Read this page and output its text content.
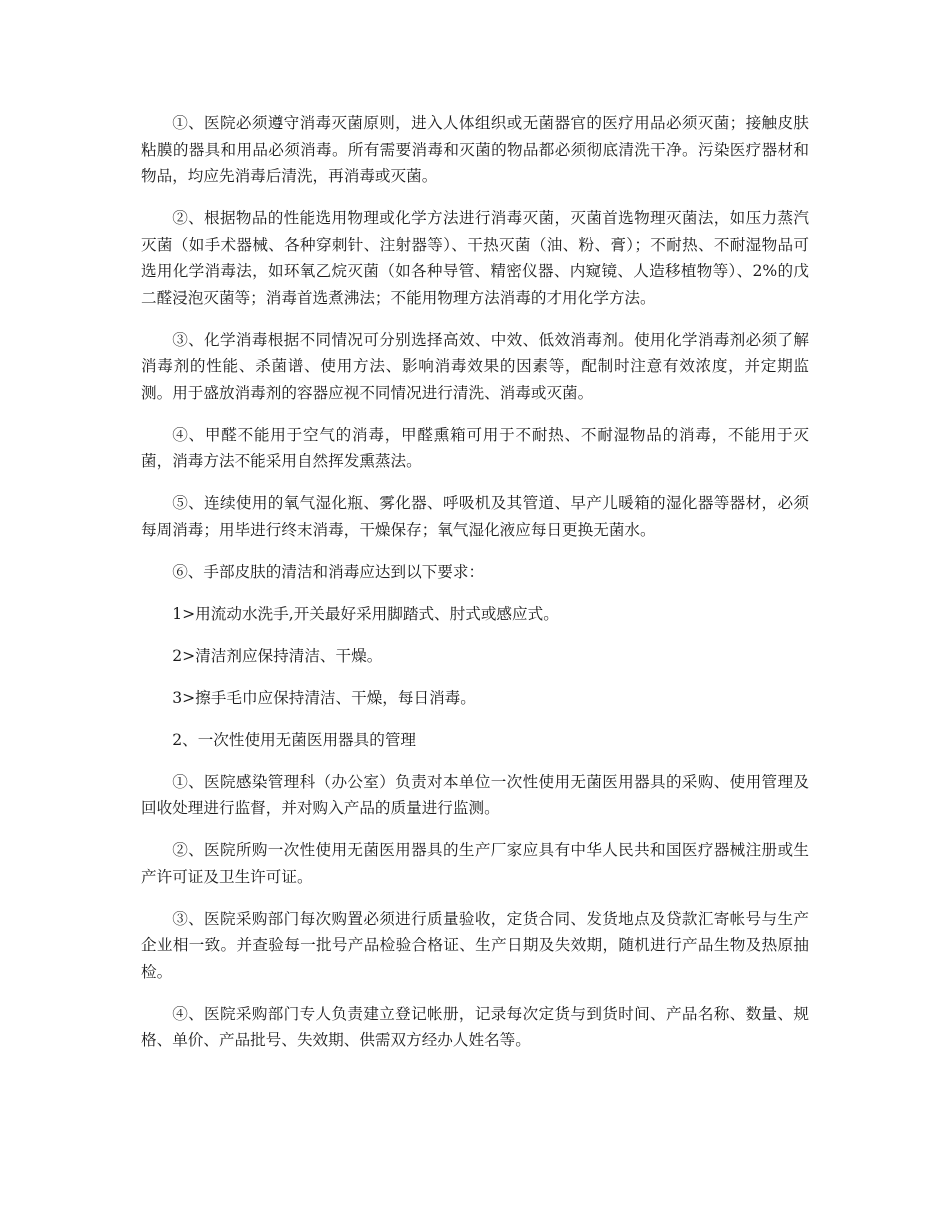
①、医院必须遵守消毒灭菌原则，进入人体组织或无菌器官的医疗用品必须灭菌；接触皮肤粘膜的器具和用品必须消毒。所有需要消毒和灭菌的物品都必须彻底清洗干净。污染医疗器材和物品，均应先消毒后清洗，再消毒或灭菌。

②、根据物品的性能选用物理或化学方法进行消毒灭菌，灭菌首选物理灭菌法，如压力蒸汽灭菌（如手术器械、各种穿刺针、注射器等）、干热灭菌（油、粉、膏）；不耐热、不耐湿物品可选用化学消毒法，如环氧乙烷灭菌（如各种导管、精密仪器、内窥镜、人造移植物等）、2%的戊二醛浸泡灭菌等；消毒首选煮沸法；不能用物理方法消毒的才用化学方法。

③、化学消毒根据不同情况可分别选择高效、中效、低效消毒剂。使用化学消毒剂必须了解消毒剂的性能、杀菌谱、使用方法、影响消毒效果的因素等，配制时注意有效浓度，并定期监测。用于盛放消毒剂的容器应视不同情况进行清洗、消毒或灭菌。

④、甲醛不能用于空气的消毒，甲醛熏箱可用于不耐热、不耐湿物品的消毒，不能用于灭菌，消毒方法不能采用自然挥发熏蒸法。

⑤、连续使用的氧气湿化瓶、雾化器、呼吸机及其管道、早产儿暖箱的湿化器等器材，必须每周消毒；用毕进行终末消毒，干燥保存；氧气湿化液应每日更换无菌水。

⑥、手部皮肤的清洁和消毒应达到以下要求：

1>用流动水洗手,开关最好采用脚踏式、肘式或感应式。

2>清洁剂应保持清洁、干燥。

3>擦手毛巾应保持清洁、干燥，每日消毒。

2、一次性使用无菌医用器具的管理

①、医院感染管理科（办公室）负责对本单位一次性使用无菌医用器具的采购、使用管理及回收处理进行监督，并对购入产品的质量进行监测。

②、医院所购一次性使用无菌医用器具的生产厂家应具有中华人民共和国医疗器械注册或生产许可证及卫生许可证。

③、医院采购部门每次购置必须进行质量验收，定货合同、发货地点及贷款汇寄帐号与生产企业相一致。并查验每一批号产品检验合格证、生产日期及失效期，随机进行产品生物及热原抽检。

④、医院采购部门专人负责建立登记帐册，记录每次定货与到货时间、产品名称、数量、规格、单价、产品批号、失效期、供需双方经办人姓名等。
